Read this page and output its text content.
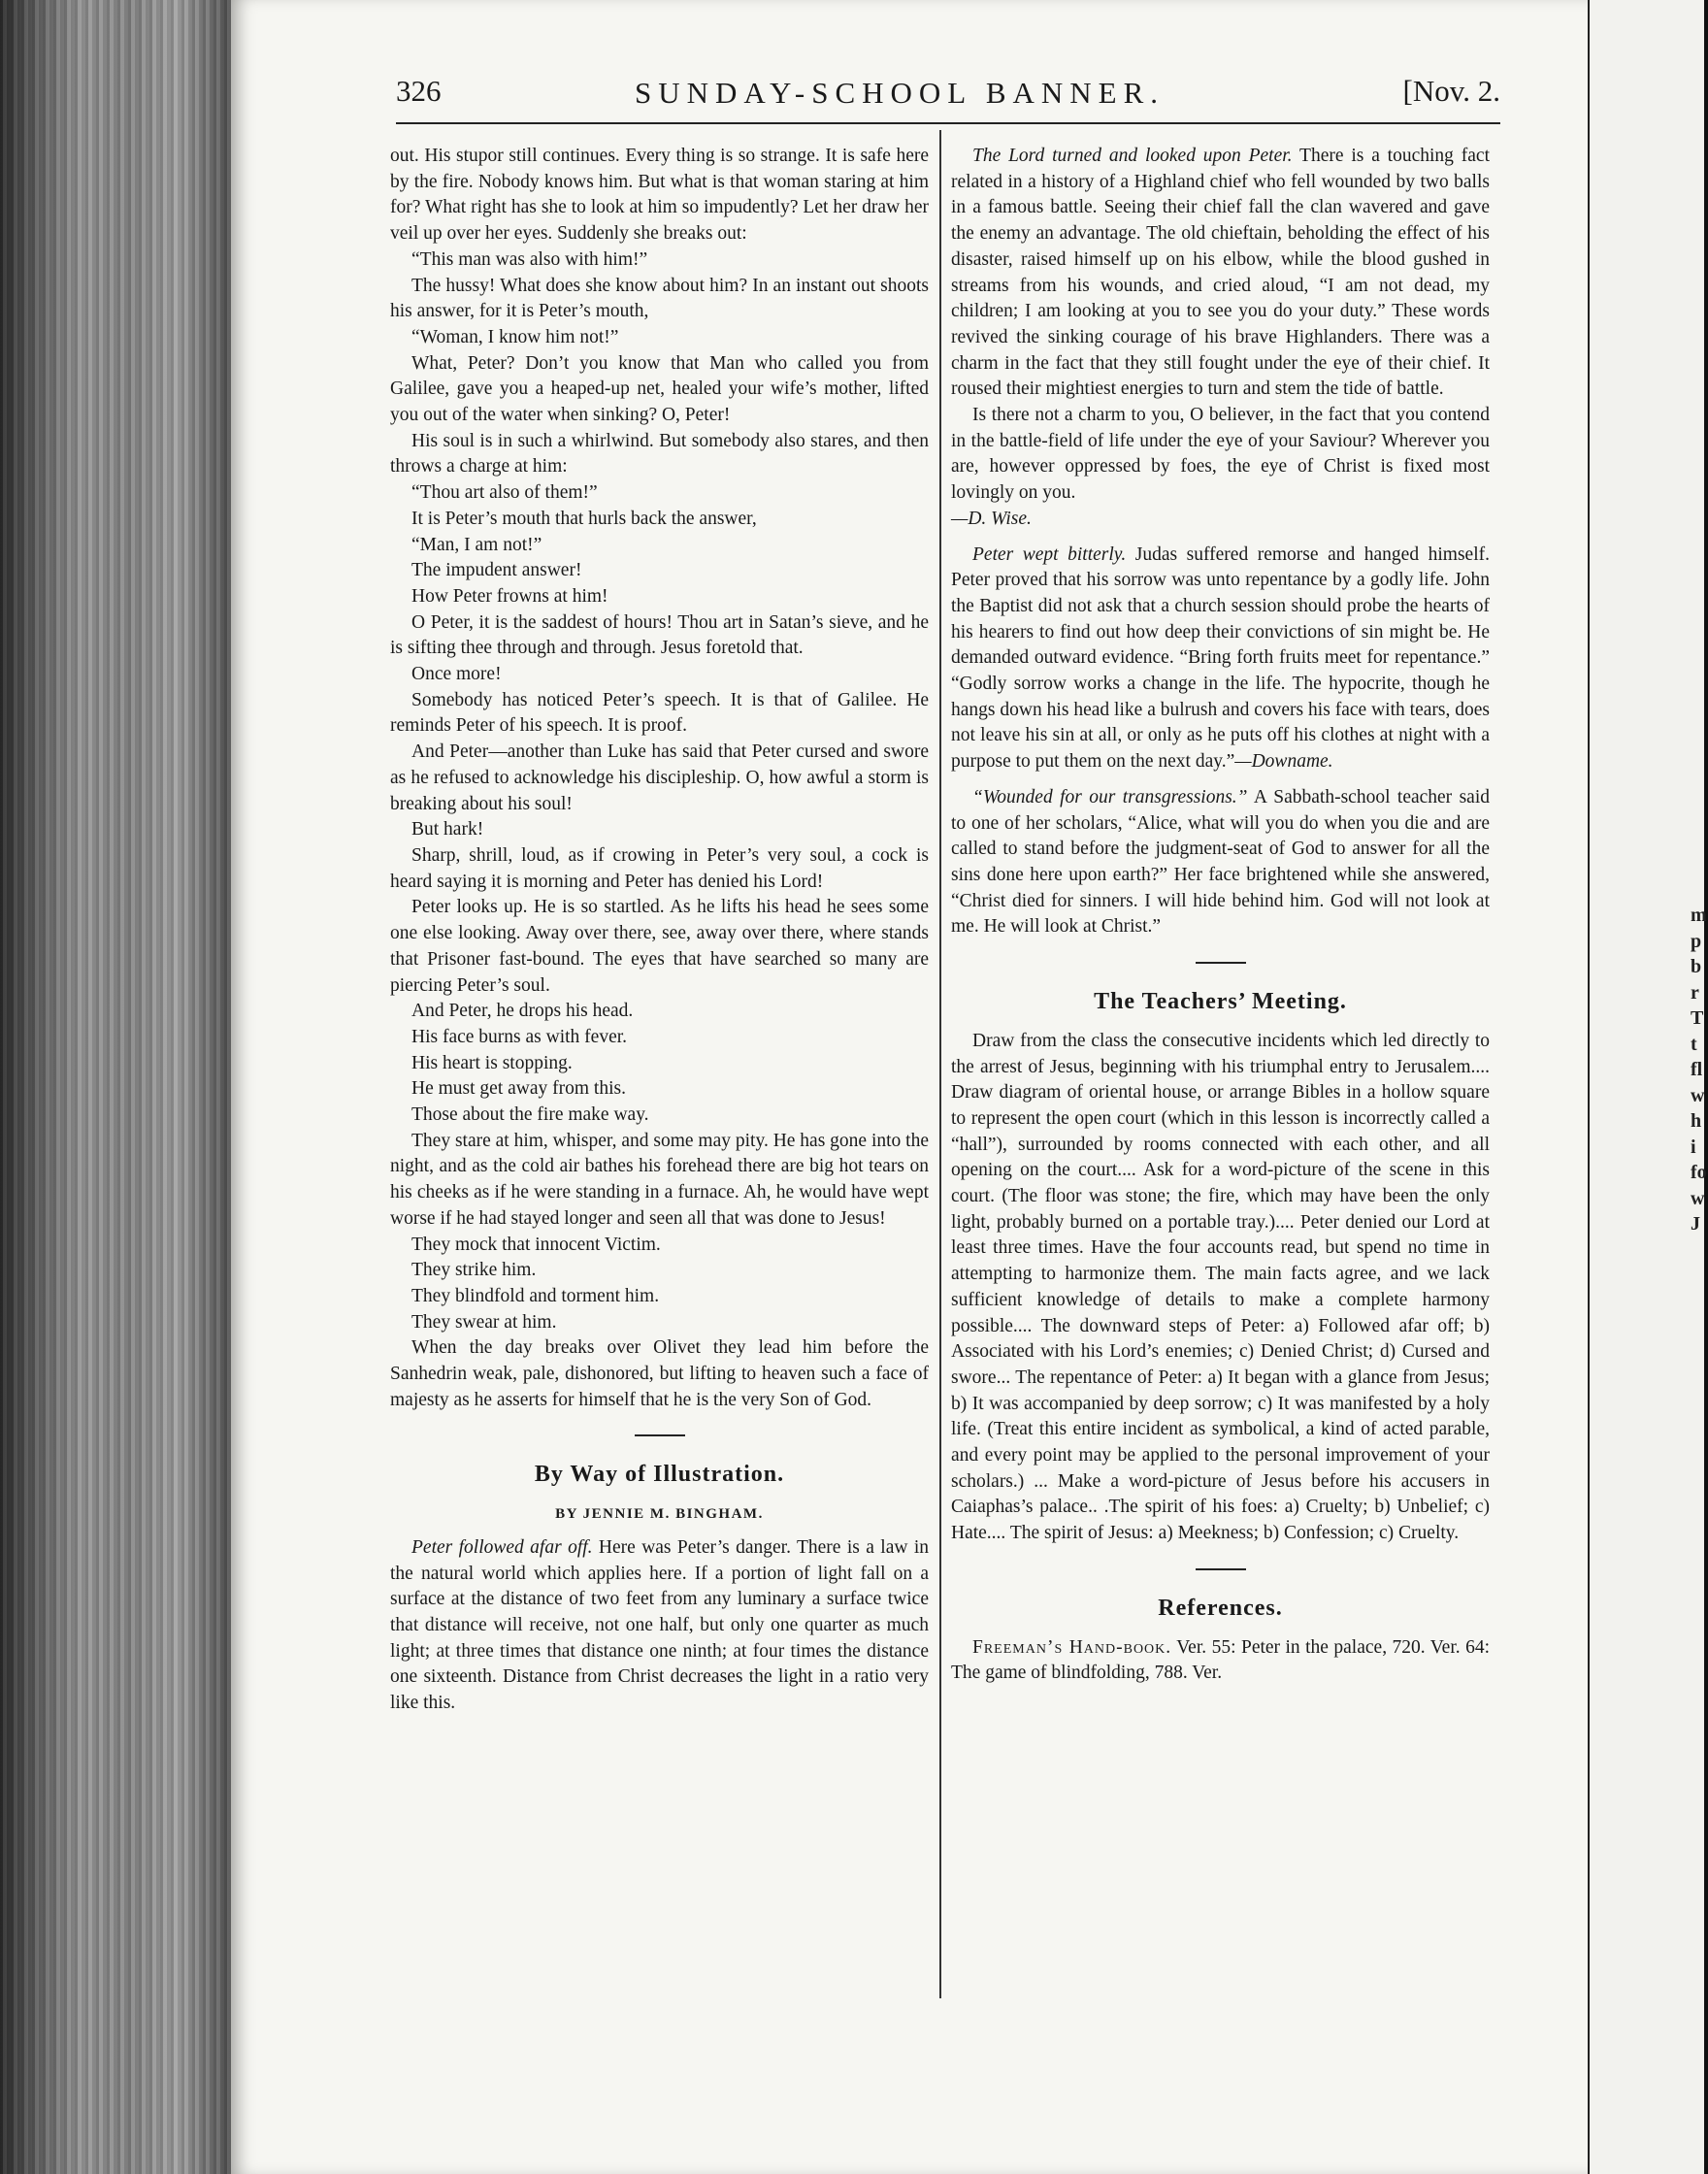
m
p
b
r
T
t
fl
w
h
i
fo
w
J
326	SUNDAY-SCHOOL BANNER.	[Nov. 2.

out. His stupor still continues. Every thing is so strange. It is safe here by the fire. Nobody knows him. But what is that woman staring at him for? What right has she to look at him so impudently? Let her draw her veil up over her eyes. Suddenly she breaks out:

“This man was also with him!”

The hussy! What does she know about him? In an instant out shoots his answer, for it is Peter’s mouth,

“Woman, I know him not!”

What, Peter? Don’t you know that Man who called you from Galilee, gave you a heaped-up net, healed your wife’s mother, lifted you out of the water when sinking? O, Peter!

His soul is in such a whirlwind. But somebody also stares, and then throws a charge at him:

“Thou art also of them!”

It is Peter’s mouth that hurls back the answer,

“Man, I am not!”

The impudent answer!

How Peter frowns at him!

O Peter, it is the saddest of hours! Thou art in Satan’s sieve, and he is sifting thee through and through. Jesus foretold that.

Once more!

Somebody has noticed Peter’s speech. It is that of Galilee. He reminds Peter of his speech. It is proof.

And Peter—another than Luke has said that Peter cursed and swore as he refused to acknowledge his discipleship. O, how awful a storm is breaking about his soul!

But hark!

Sharp, shrill, loud, as if crowing in Peter’s very soul, a cock is heard saying it is morning and Peter has denied his Lord!

Peter looks up. He is so startled. As he lifts his head he sees some one else looking. Away over there, see, away over there, where stands that Prisoner fast-bound. The eyes that have searched so many are piercing Peter’s soul.

And Peter, he drops his head.

His face burns as with fever.

His heart is stopping.

He must get away from this.

Those about the fire make way.

They stare at him, whisper, and some may pity. He has gone into the night, and as the cold air bathes his forehead there are big hot tears on his cheeks as if he were standing in a furnace. Ah, he would have wept worse if he had stayed longer and seen all that was done to Jesus!

They mock that innocent Victim.

They strike him.

They blindfold and torment him.

They swear at him.

When the day breaks over Olivet they lead him before the Sanhedrin weak, pale, dishonored, but lifting to heaven such a face of majesty as he asserts for himself that he is the very Son of God.

By Way of Illustration.
BY JENNIE M. BINGHAM.

Peter followed afar off. Here was Peter’s danger. There is a law in the natural world which applies here. If a portion of light fall on a surface at the distance of two feet from any luminary a surface twice that distance will receive, not one half, but only one quarter as much light; at three times that distance one ninth; at four times the distance one sixteenth. Distance from Christ decreases the light in a ratio very like this.

The Lord turned and looked upon Peter. There is a touching fact related in a history of a Highland chief who fell wounded by two balls in a famous battle. Seeing their chief fall the clan wavered and gave the enemy an advantage. The old chieftain, beholding the effect of his disaster, raised himself up on his elbow, while the blood gushed in streams from his wounds, and cried aloud, “I am not dead, my children; I am looking at you to see you do your duty.” These words revived the sinking courage of his brave Highlanders. There was a charm in the fact that they still fought under the eye of their chief. It roused their mightiest energies to turn and stem the tide of battle.

Is there not a charm to you, O believer, in the fact that you contend in the battle-field of life under the eye of your Saviour? Wherever you are, however oppressed by foes, the eye of Christ is fixed most lovingly on you.
—D. Wise.

Peter wept bitterly. Judas suffered remorse and hanged himself. Peter proved that his sorrow was unto repentance by a godly life. John the Baptist did not ask that a church session should probe the hearts of his hearers to find out how deep their convictions of sin might be. He demanded outward evidence. “Bring forth fruits meet for repentance.” “Godly sorrow works a change in the life. The hypocrite, though he hangs down his head like a bulrush and covers his face with tears, does not leave his sin at all, or only as he puts off his clothes at night with a purpose to put them on the next day.”—Downame.

“Wounded for our transgressions.” A Sabbath-school teacher said to one of her scholars, “Alice, what will you do when you die and are called to stand before the judgment-seat of God to answer for all the sins done here upon earth?” Her face brightened while she answered, “Christ died for sinners. I will hide behind him. God will not look at me. He will look at Christ.”

The Teachers’ Meeting.

Draw from the class the consecutive incidents which led directly to the arrest of Jesus, beginning with his triumphal entry to Jerusalem.... Draw diagram of oriental house, or arrange Bibles in a hollow square to represent the open court (which in this lesson is incorrectly called a “hall”), surrounded by rooms connected with each other, and all opening on the court.... Ask for a word-picture of the scene in this court. (The floor was stone; the fire, which may have been the only light, probably burned on a portable tray.).... Peter denied our Lord at least three times. Have the four accounts read, but spend no time in attempting to harmonize them. The main facts agree, and we lack sufficient knowledge of details to make a complete harmony possible.... The downward steps of Peter: a) Followed afar off; b) Associated with his Lord’s enemies; c) Denied Christ; d) Cursed and swore... The repentance of Peter: a) It began with a glance from Jesus; b) It was accompanied by deep sorrow; c) It was manifested by a holy life. (Treat this entire incident as symbolical, a kind of acted parable, and every point may be applied to the personal improvement of your scholars.) ... Make a word-picture of Jesus before his accusers in Caiaphas’s palace.. .The spirit of his foes: a) Cruelty; b) Unbelief; c) Hate.... The spirit of Jesus: a) Meekness; b) Confession; c) Cruelty.

References.

Freeman’s Hand-book. Ver. 55: Peter in the palace, 720. Ver. 64: The game of blindfolding, 788. Ver.
